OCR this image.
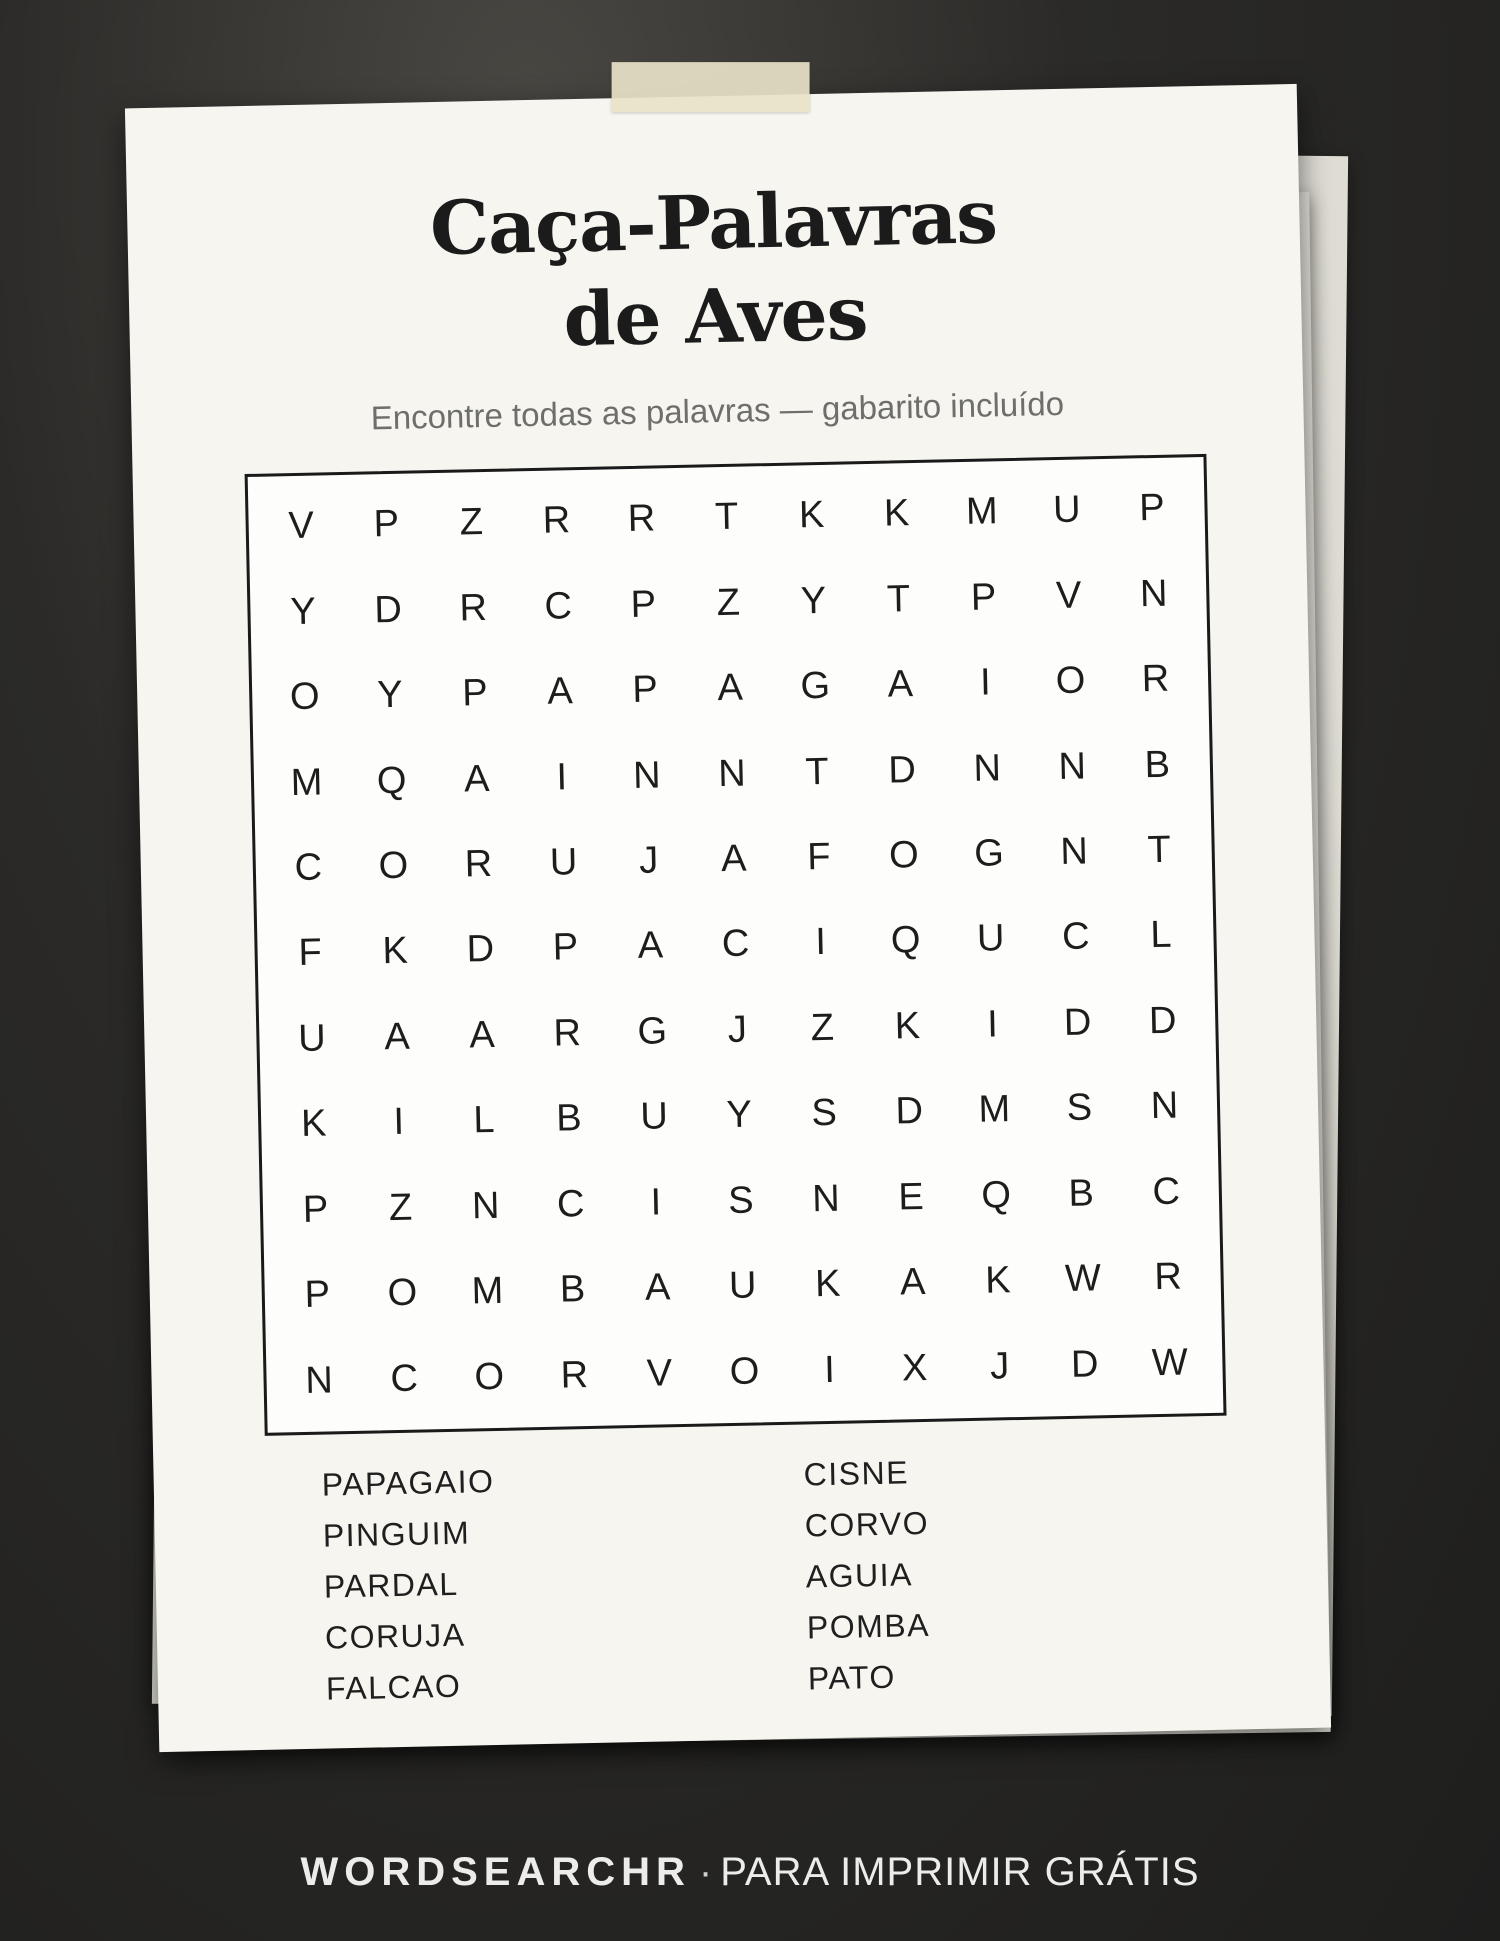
Caça-Palavras
de Aves
Encontre todas as palavras — gabarito incluído
V	P	Z	R	R	T	K	K	M	U	P
Y	D	R	C	P	Z	Y	T	P	V	N
O	Y	P	A	P	A	G	A	I	O	R
M	Q	A	I	N	N	T	D	N	N	B
C	O	R	U	J	A	F	O	G	N	T
F	K	D	P	A	C	I	Q	U	C	L
U	A	A	R	G	J	Z	K	I	D	D
K	I	L	B	U	Y	S	D	M	S	N
P	Z	N	C	I	S	N	E	Q	B	C
P	O	M	B	A	U	K	A	K	W	R
N	C	O	R	V	O	I	X	J	D	W
PAPAGAIO
PINGUIM
PARDAL
CORUJA
FALCAO
CISNE
CORVO
AGUIA
POMBA
PATO
WORDSEARCHR · PARA IMPRIMIR GRÁTIS
